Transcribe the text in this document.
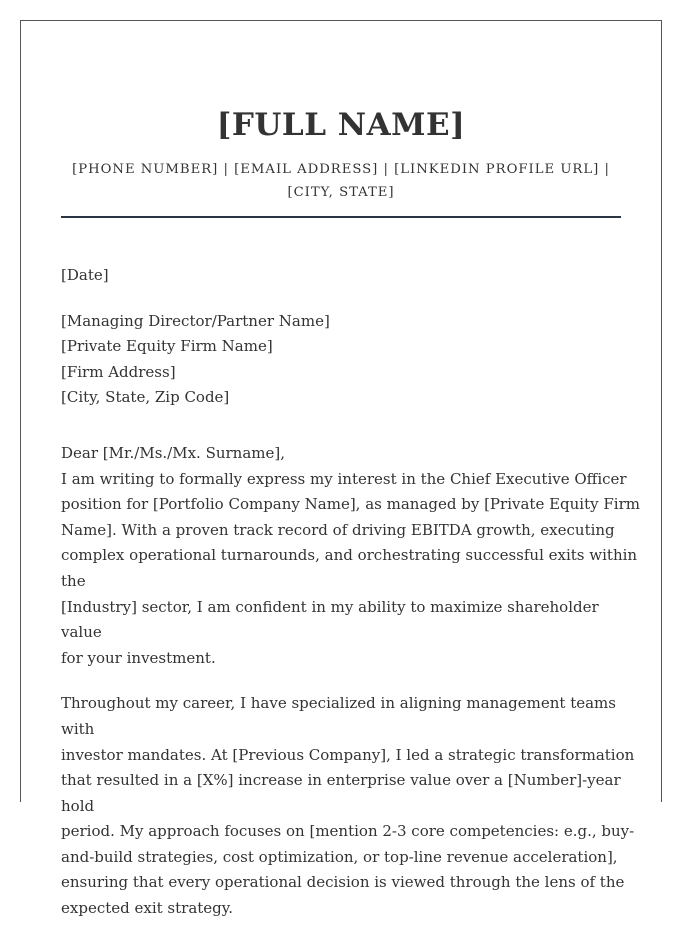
[FULL NAME]
[PHONE NUMBER] | [EMAIL ADDRESS] | [LINKEDIN PROFILE URL] |
[CITY, STATE]

[Date]

[Managing Director/Partner Name]
[Private Equity Firm Name]
[Firm Address]
[City, State, Zip Code]

Dear [Mr./Ms./Mx. Surname],

I am writing to formally express my interest in the Chief Executive Officer
position for [Portfolio Company Name], as managed by [Private Equity Firm
Name]. With a proven track record of driving EBITDA growth, executing
complex operational turnarounds, and orchestrating successful exits within the
[Industry] sector, I am confident in my ability to maximize shareholder value
for your investment.

Throughout my career, I have specialized in aligning management teams with
investor mandates. At [Previous Company], I led a strategic transformation
that resulted in a [X%] increase in enterprise value over a [Number]-year hold
period. My approach focuses on [mention 2-3 core competencies: e.g., buy-
and-build strategies, cost optimization, or top-line revenue acceleration],
ensuring that every operational decision is viewed through the lens of the
expected exit strategy.
